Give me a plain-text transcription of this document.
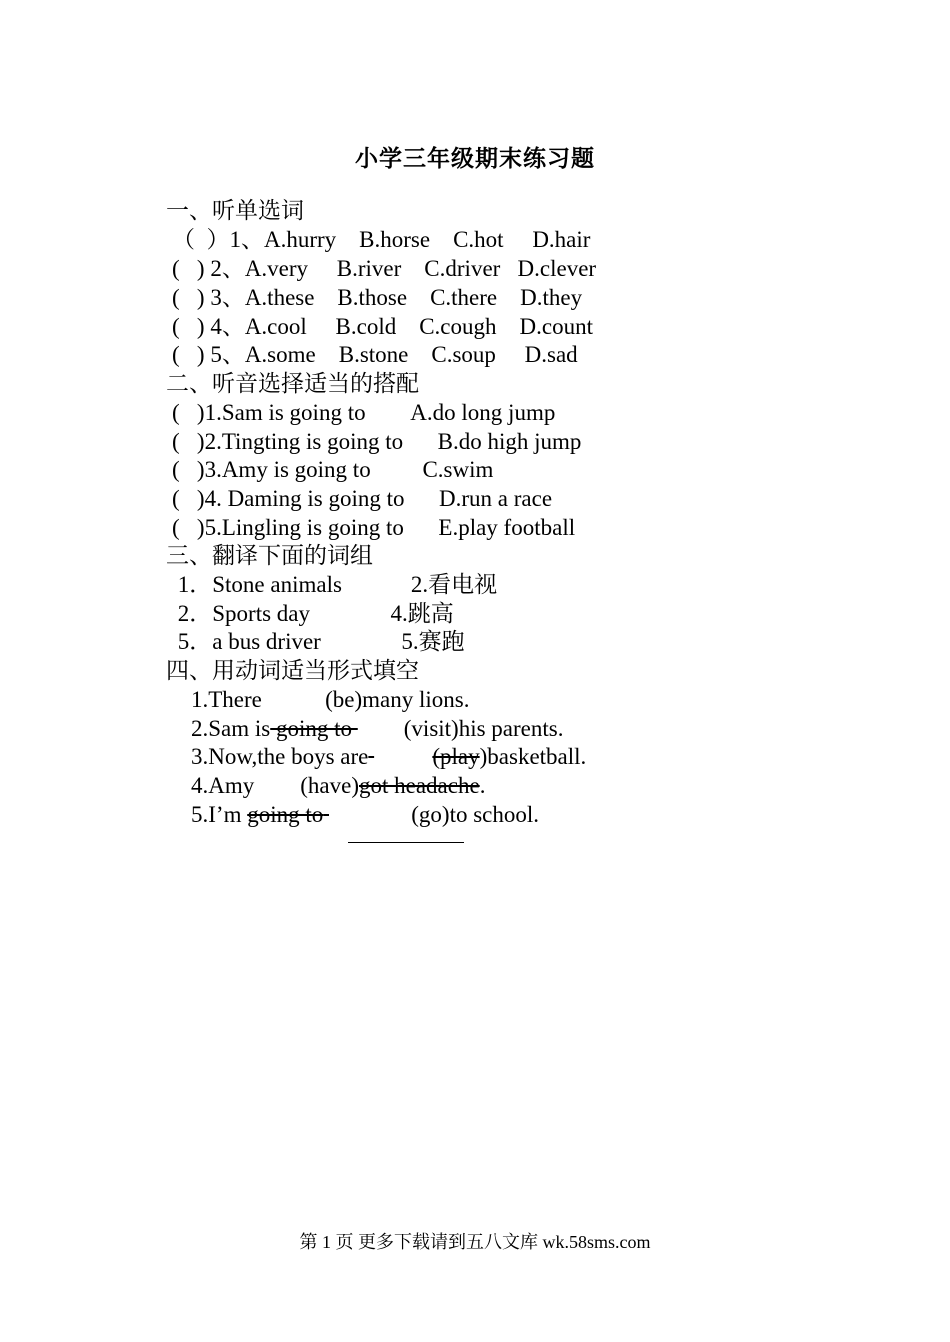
小学三年级期末练习题
一、听单选词
（  ）1、A.hurry    B.horse    C.hot     D.hair
(   ) 2、A.very     B.river    C.driver   D.clever
(   ) 3、A.these    B.those    C.there    D.they
(   ) 4、A.cool     B.cold    C.cough    D.count
(   ) 5、A.some    B.stone    C.soup     D.sad
二、听音选择适当的搭配
(   )1.Sam is going to        A.do long jump
(   )2.Tingting is going to      B.do high jump
(   )3.Amy is going to         C.swim
(   )4. Daming is going to      D.run a race
(   )5.Lingling is going to      E.play football
三、翻译下面的词组
1．Stone animals            2.看电视
2．Sports day              4.跳高
5．a bus driver              5.赛跑
四、用动词适当形式填空
1.There           (be)many lions.
2.Sam is going to         (visit)his parents.
3.Now,the boys are	(play)basketball.
4.Amy        (have)got headache.
5.I’m going to         (go)to school.
第 1 页 更多下载请到五八文库 wk.58sms.com
